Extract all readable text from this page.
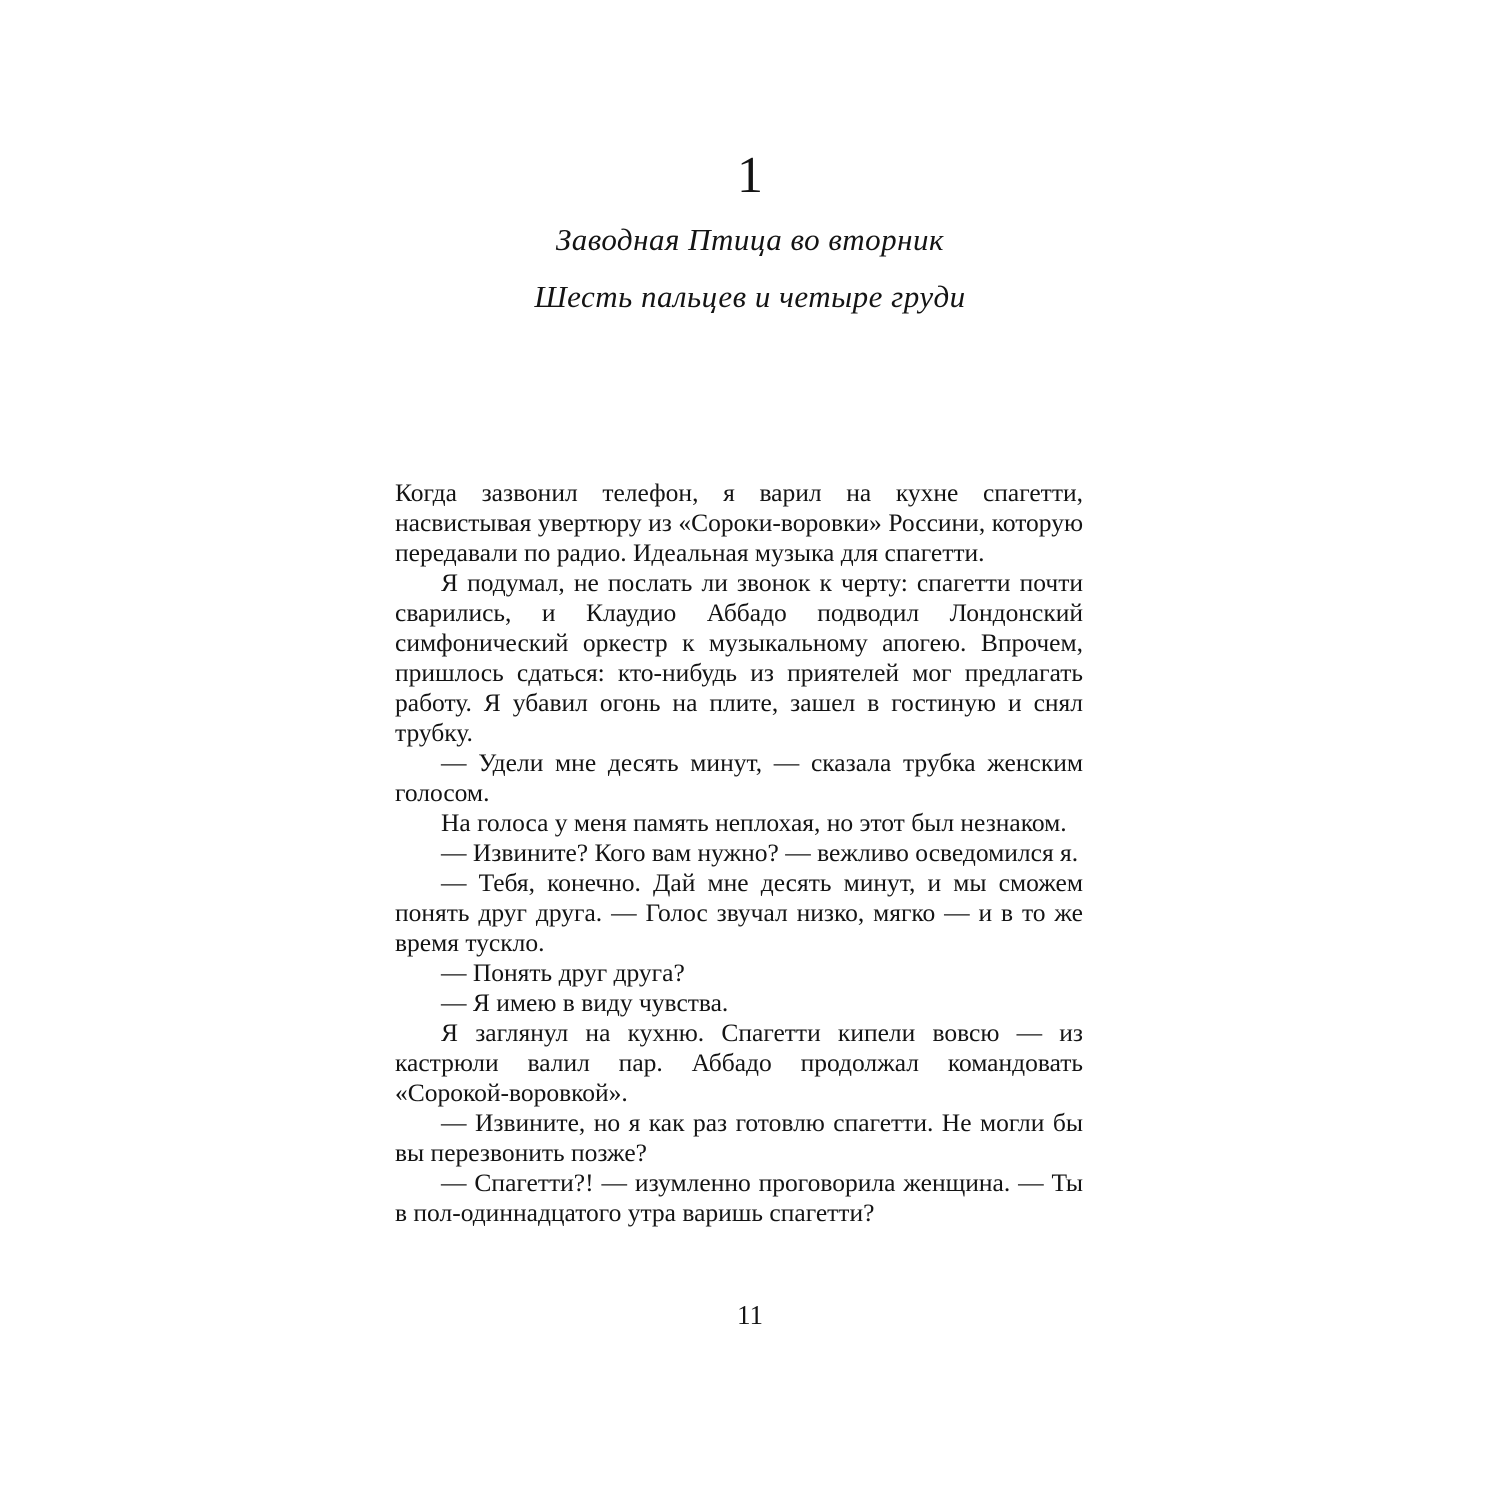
1
Заводная Птица во вторник
Шесть пальцев и четыре груди

Когда зазвонил телефон, я варил на кухне спагетти, насвистывая увертюру из «Сороки-воровки» Россини, которую передавали по радио. Идеальная музыка для спагетти.

Я подумал, не послать ли звонок к черту: спагетти почти сварились, и Клаудио Аббадо подводил Лондонский симфонический оркестр к музыкальному апогею. Впрочем, пришлось сдаться: кто-нибудь из приятелей мог предлагать работу. Я убавил огонь на плите, зашел в гостиную и снял трубку.

— Удели мне десять минут, — сказала трубка женским голосом.

На голоса у меня память неплохая, но этот был незнаком.

— Извините? Кого вам нужно? — вежливо осведомился я.

— Тебя, конечно. Дай мне десять минут, и мы сможем понять друг друга. — Голос звучал низко, мягко — и в то же время тускло.

— Понять друг друга?

— Я имею в виду чувства.

Я заглянул на кухню. Спагетти кипели вовсю — из кастрюли валил пар. Аббадо продолжал командовать «Сорокой-воровкой».

— Извините, но я как раз готовлю спагетти. Не могли бы вы перезвонить позже?

— Спагетти?! — изумленно проговорила женщина. — Ты в пол-одиннадцатого утра варишь спагетти?

11
